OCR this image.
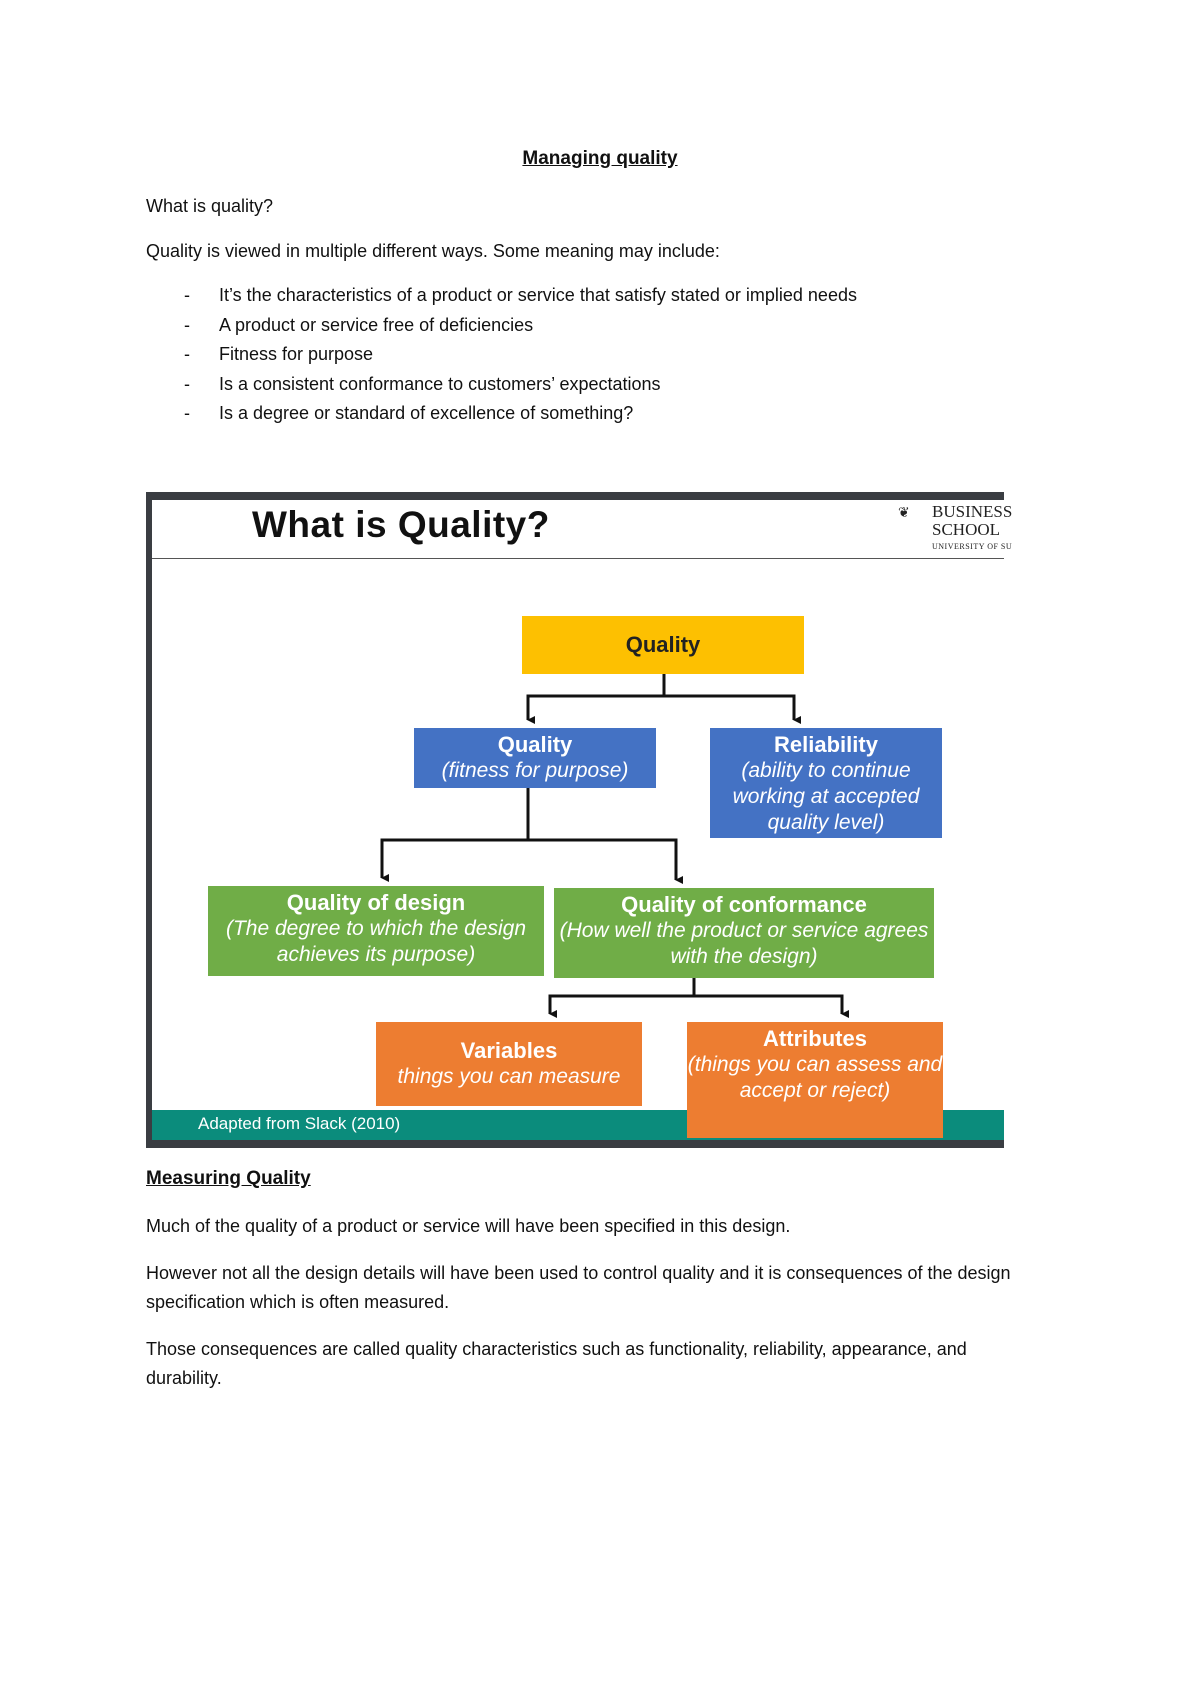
Managing quality
What is quality?
Quality is viewed in multiple different ways. Some meaning may include:
- It’s the characteristics of a product or service that satisfy stated or implied needs
- A product or service free of deficiencies
- Fitness for purpose
- Is a consistent conformance to customers’ expectations
- Is a degree or standard of excellence of something?
What is Quality?	❦ BUSINESS
SCHOOL
UNIVERSITY OF SU
Adapted from Slack (2010)
Quality
Quality
(fitness for purpose)
Reliability
(ability to continue working at accepted quality level)
Quality of design
(The degree to which the design achieves its purpose)
Quality of conformance
(How well the product or service agrees with the design)
Variables
things you can measure
Attributes
(things you can assess and accept or reject)
Measuring Quality
Much of the quality of a product or service will have been specified in this design.
However not all the design details will have been used to control quality and it is consequences of the design specification which is often measured.
Those consequences are called quality characteristics such as functionality, reliability, appearance, and durability.
